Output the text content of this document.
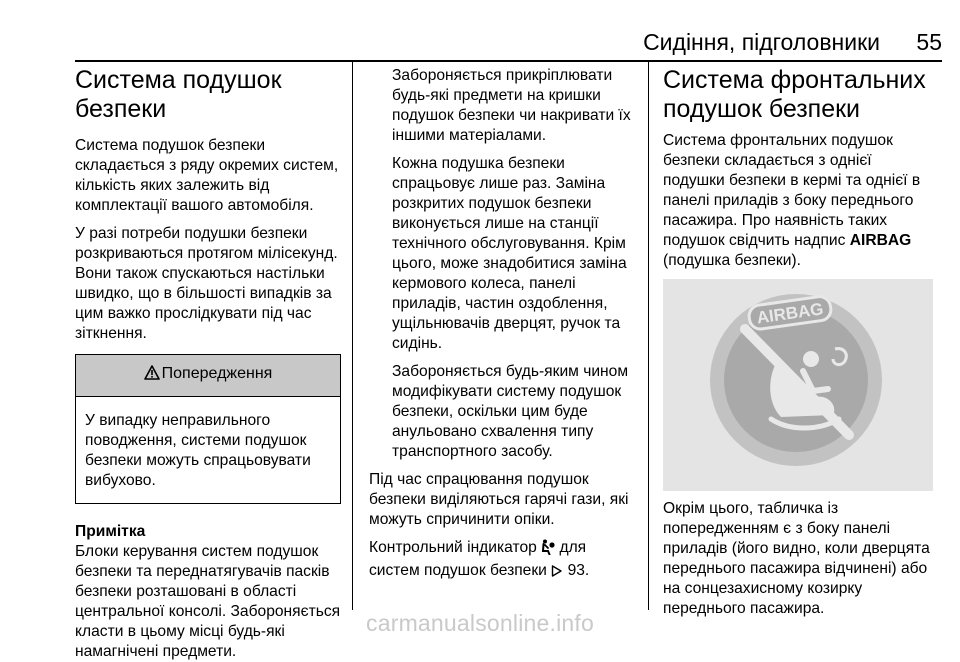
Сидіння, підголовники	55
Система подушок безпеки

Система подушок безпеки складається з ряду окремих систем, кількість яких залежить від комплектації вашого автомобіля.

У разі потреби подушки безпеки розкриваються протягом мілісекунд. Вони також спускаються настільки швидко, що в більшості випадків за цим важко прослідкувати під час зіткнення.

Попередження
У випадку неправильного поводження, системи подушок безпеки можуть спрацьовувати вибухово.
Примітка
Блоки керування систем подушок безпеки та переднатягувачів пасків безпеки розташовані в області центральної консолі. Забороняється класти в цьому місці будь-які намагнічені предмети.

Забороняється прикріплювати будь-які предмети на кришки подушок безпеки чи накривати їх іншими матеріалами.

Кожна подушка безпеки спрацьовує лише раз. Заміна розкритих подушок безпеки виконується лише на станції технічного обслуговування. Крім цього, може знадобитися заміна кермового колеса, панелі приладів, частин оздоблення, ущільнювачів дверцят, ручок та сидінь.

Забороняється будь-яким чином модифікувати систему подушок безпеки, оскільки цим буде анульовано схвалення типу транспортного засобу.

Під час спрацювання подушок безпеки виділяються гарячі гази, які можуть спричинити опіки.

Контрольний індикатор для систем подушок безпеки 93.

Система фронтальних подушок безпеки

Система фронтальних подушок безпеки складається з однієї подушки безпеки в кермі та однієї в панелі приладів з боку переднього пасажира. Про наявність таких подушок свідчить надпис AIRBAG (подушка безпеки).

AIRBAG

Окрім цього, табличка із попередженням є з боку панелі приладів (його видно, коли дверцята переднього пасажира відчинені) або на сонцезахисному козирку переднього пасажира.

carmanualsonline.info
